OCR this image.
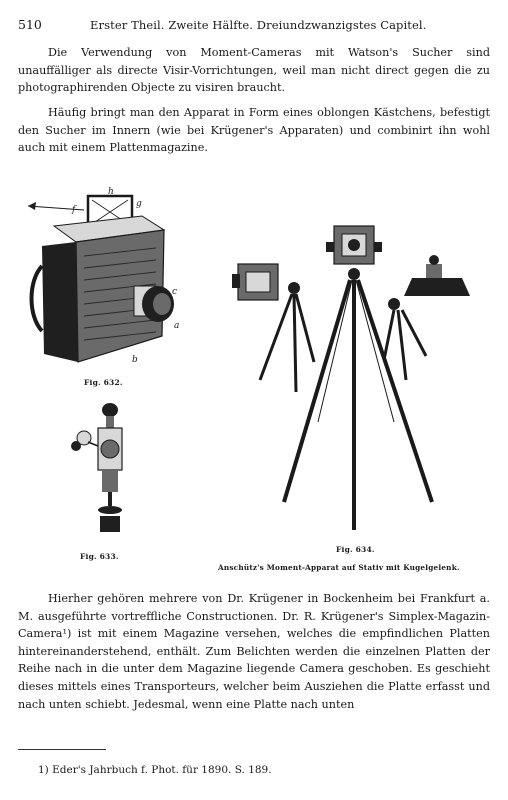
510	Erster Theil. Zweite Hälfte. Dreiundzwanzigstes Capitel.
Die Verwendung von Moment-Cameras mit Watson's Sucher sind unauffälliger als directe Visir-Vorrichtungen, weil man nicht direct gegen die zu photographirenden Objecte zu visiren braucht.
Häufig bringt man den Apparat in Form eines oblongen Kästchens, befestigt den Sucher im Innern (wie bei Krügener's Apparaten) und combinirt ihn wohl auch mit einem Plattenmagazine.
f
h
g
c
a
b
Fig. 632.
Fig. 633.
Fig. 634.
Anschütz's Moment-Apparat auf Stativ mit Kugelgelenk.
Hierher gehören mehrere von Dr. Krügener in Bockenheim bei Frankfurt a. M. ausgeführte vortreffliche Constructionen. Dr. R. Krügener's Simplex-Magazin-Camera¹) ist mit einem Magazine versehen, welches die empfindlichen Platten hintereinanderstehend, enthält. Zum Belichten werden die einzelnen Platten der Reihe nach in die unter dem Magazine liegende Camera geschoben. Es geschieht dieses mittels eines Transporteurs, welcher beim Ausziehen die Platte erfasst und nach unten schiebt. Jedesmal, wenn eine Platte nach unten
1) Eder's Jahrbuch f. Phot. für 1890. S. 189.
